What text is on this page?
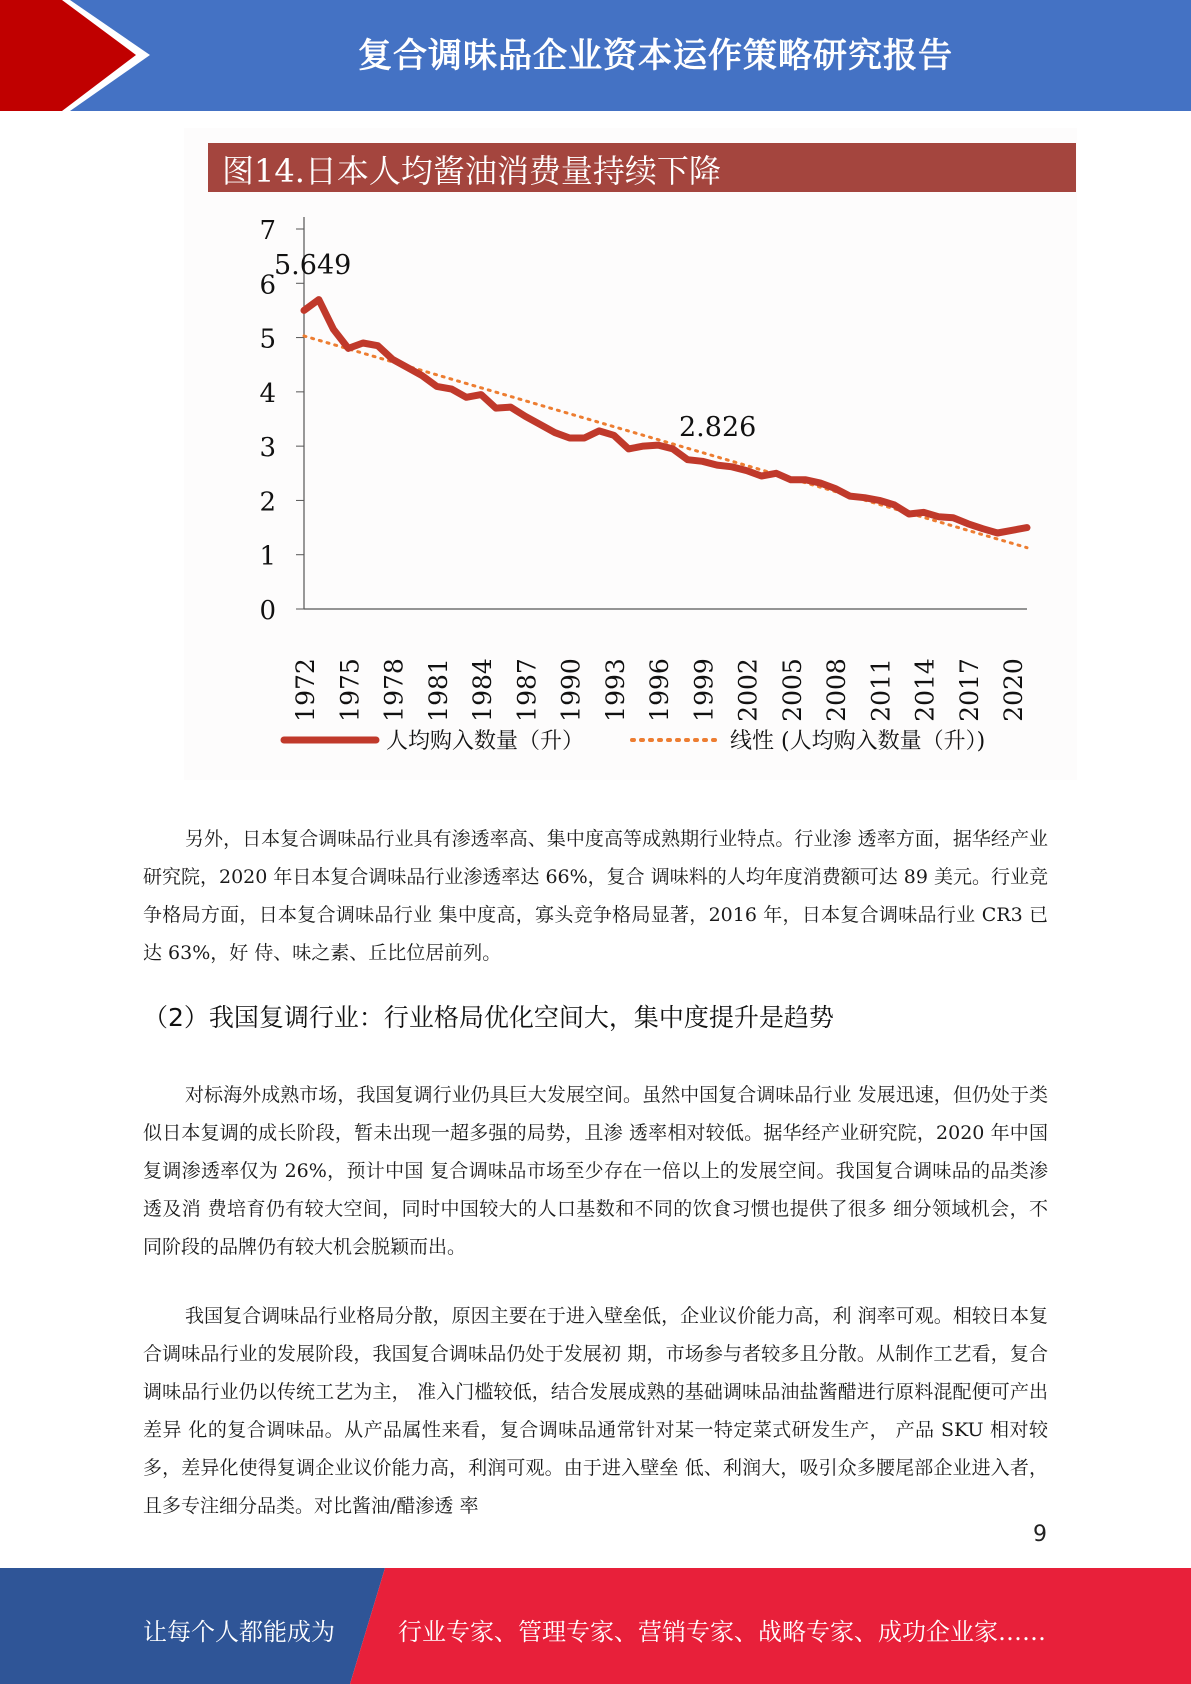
复合调味品企业资本运作策略研究报告
图14.日本人均酱油消费量持续下降
0
1
2
3
4
5
6
7
1972 1975 1978 1981 1984 1987 1990 1993 1996 1999 2002 2005 2008 2011 2014 2017 2020
5.649
2.826
人均购入数量（升）	线性 (人均购入数量（升）)

另外，日本复合调味品行业具有渗透率高、集中度高等成熟期行业特点。行业渗 透率方面，据华经产业研究院，2020 年日本复合调味品行业渗透率达 66%，复合 调味料的人均年度消费额可达 89 美元。行业竞争格局方面，日本复合调味品行业 集中度高，寡头竞争格局显著，2016 年，日本复合调味品行业 CR3 已达 63%，好 侍、味之素、丘比位居前列。

（2）我国复调行业：行业格局优化空间大，集中度提升是趋势

对标海外成熟市场，我国复调行业仍具巨大发展空间。虽然中国复合调味品行业 发展迅速，但仍处于类似日本复调的成长阶段，暂未出现一超多强的局势，且渗 透率相对较低。据华经产业研究院，2020 年中国复调渗透率仅为 26%，预计中国 复合调味品市场至少存在一倍以上的发展空间。我国复合调味品的品类渗透及消 费培育仍有较大空间，同时中国较大的人口基数和不同的饮食习惯也提供了很多 细分领域机会，不同阶段的品牌仍有较大机会脱颖而出。

我国复合调味品行业格局分散，原因主要在于进入壁垒低，企业议价能力高，利 润率可观。相较日本复合调味品行业的发展阶段，我国复合调味品仍处于发展初 期，市场参与者较多且分散。从制作工艺看，复合调味品行业仍以传统工艺为主， 准入门槛较低，结合发展成熟的基础调味品油盐酱醋进行原料混配便可产出差异 化的复合调味品。从产品属性来看，复合调味品通常针对某一特定菜式研发生产， 产品 SKU 相对较多，差异化使得复调企业议价能力高，利润可观。由于进入壁垒 低、利润大，吸引众多腰尾部企业进入者，且多专注细分品类。对比酱油/醋渗透 率

9
让每个人都能成为	行业专家、管理专家、营销专家、战略专家、成功企业家……
